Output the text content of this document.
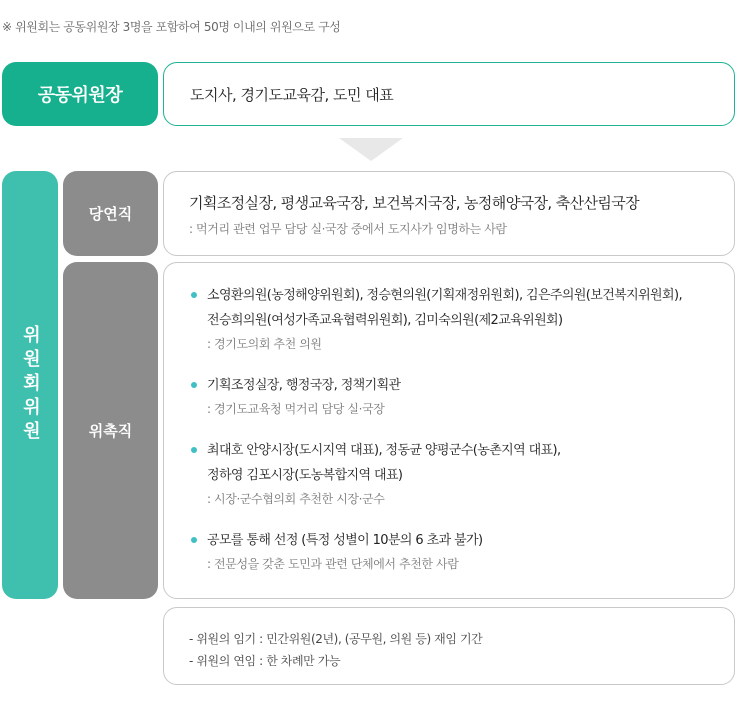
※ 위원회는 공동위원장 3명을 포함하여 50명 이내의 위원으로 구성
공동위원장	도지사, 경기도교육감, 도민 대표
위원회위원
당연직
기획조정실장, 평생교육국장, 보건복지국장, 농정해양국장, 축산산림국장
: 먹거리 관련 업무 담당 실·국장 중에서 도지사가 임명하는 사람
위촉직
소영환의원(농정해양위원회), 정승현의원(기획재정위원회), 김은주의원(보건복지위원회),
전승희의원(여성가족교육협력위원회), 김미숙의원(제2교육위원회)
: 경기도의회 추천 의원
기획조정실장, 행정국장, 정책기획관
: 경기도교육청 먹거리 담당 실·국장
최대호 안양시장(도시지역 대표), 정동균 양평군수(농촌지역 대표),
정하영 김포시장(도농복합지역 대표)
: 시장·군수협의회 추천한 시장·군수
공모를 통해 선정 (특정 성별이 10분의 6 초과 불가)
: 전문성을 갖춘 도민과 관련 단체에서 추천한 사람
- 위원의 임기 : 민간위원(2년), (공무원, 의원 등) 재임 기간
- 위원의 연임 : 한 차례만 가능
